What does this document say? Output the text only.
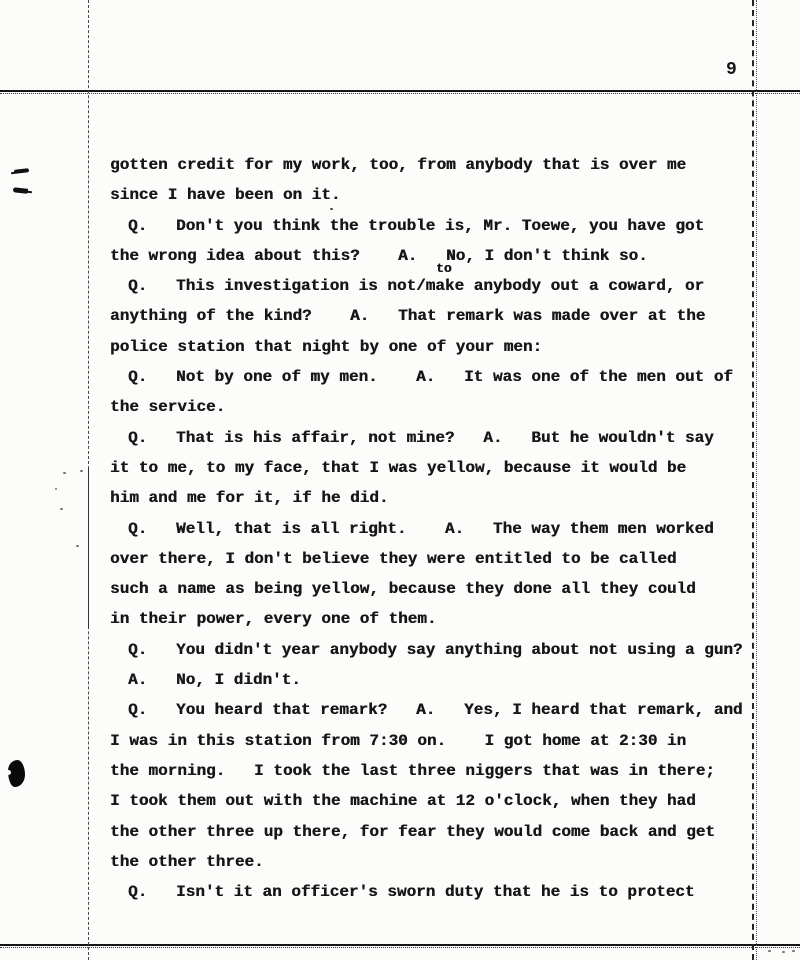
9
gotten credit for my work, too, from anybody that is over me
since I have been on it.
Q.   Don't you think the trouble is, Mr. Toewe, you have got
the wrong idea about this?    A.   No, I don't think so.
Q.   This investigation is not/make anybody out a coward, or
anything of the kind?    A.   That remark was made over at the
police station that night by one of your men:
Q.   Not by one of my men.    A.   It was one of the men out of
the service.
Q.   That is his affair, not mine?   A.   But he wouldn't say
it to me, to my face, that I was yellow, because it would be
him and me for it, if he did.
Q.   Well, that is all right.    A.   The way them men worked
over there, I don't believe they were entitled to be called
such a name as being yellow, because they done all they could
in their power, every one of them.
Q.   You didn't year anybody say anything about not using a gun?
A.   No, I didn't.
Q.   You heard that remark?   A.   Yes, I heard that remark, and
I was in this station from 7:30 on.    I got home at 2:30 in
the morning.   I took the last three niggers that was in there;
I took them out with the machine at 12 o'clock, when they had
the other three up there, for fear they would come back and get
the other three.
Q.   Isn't it an officer's sworn duty that he is to protect
to
